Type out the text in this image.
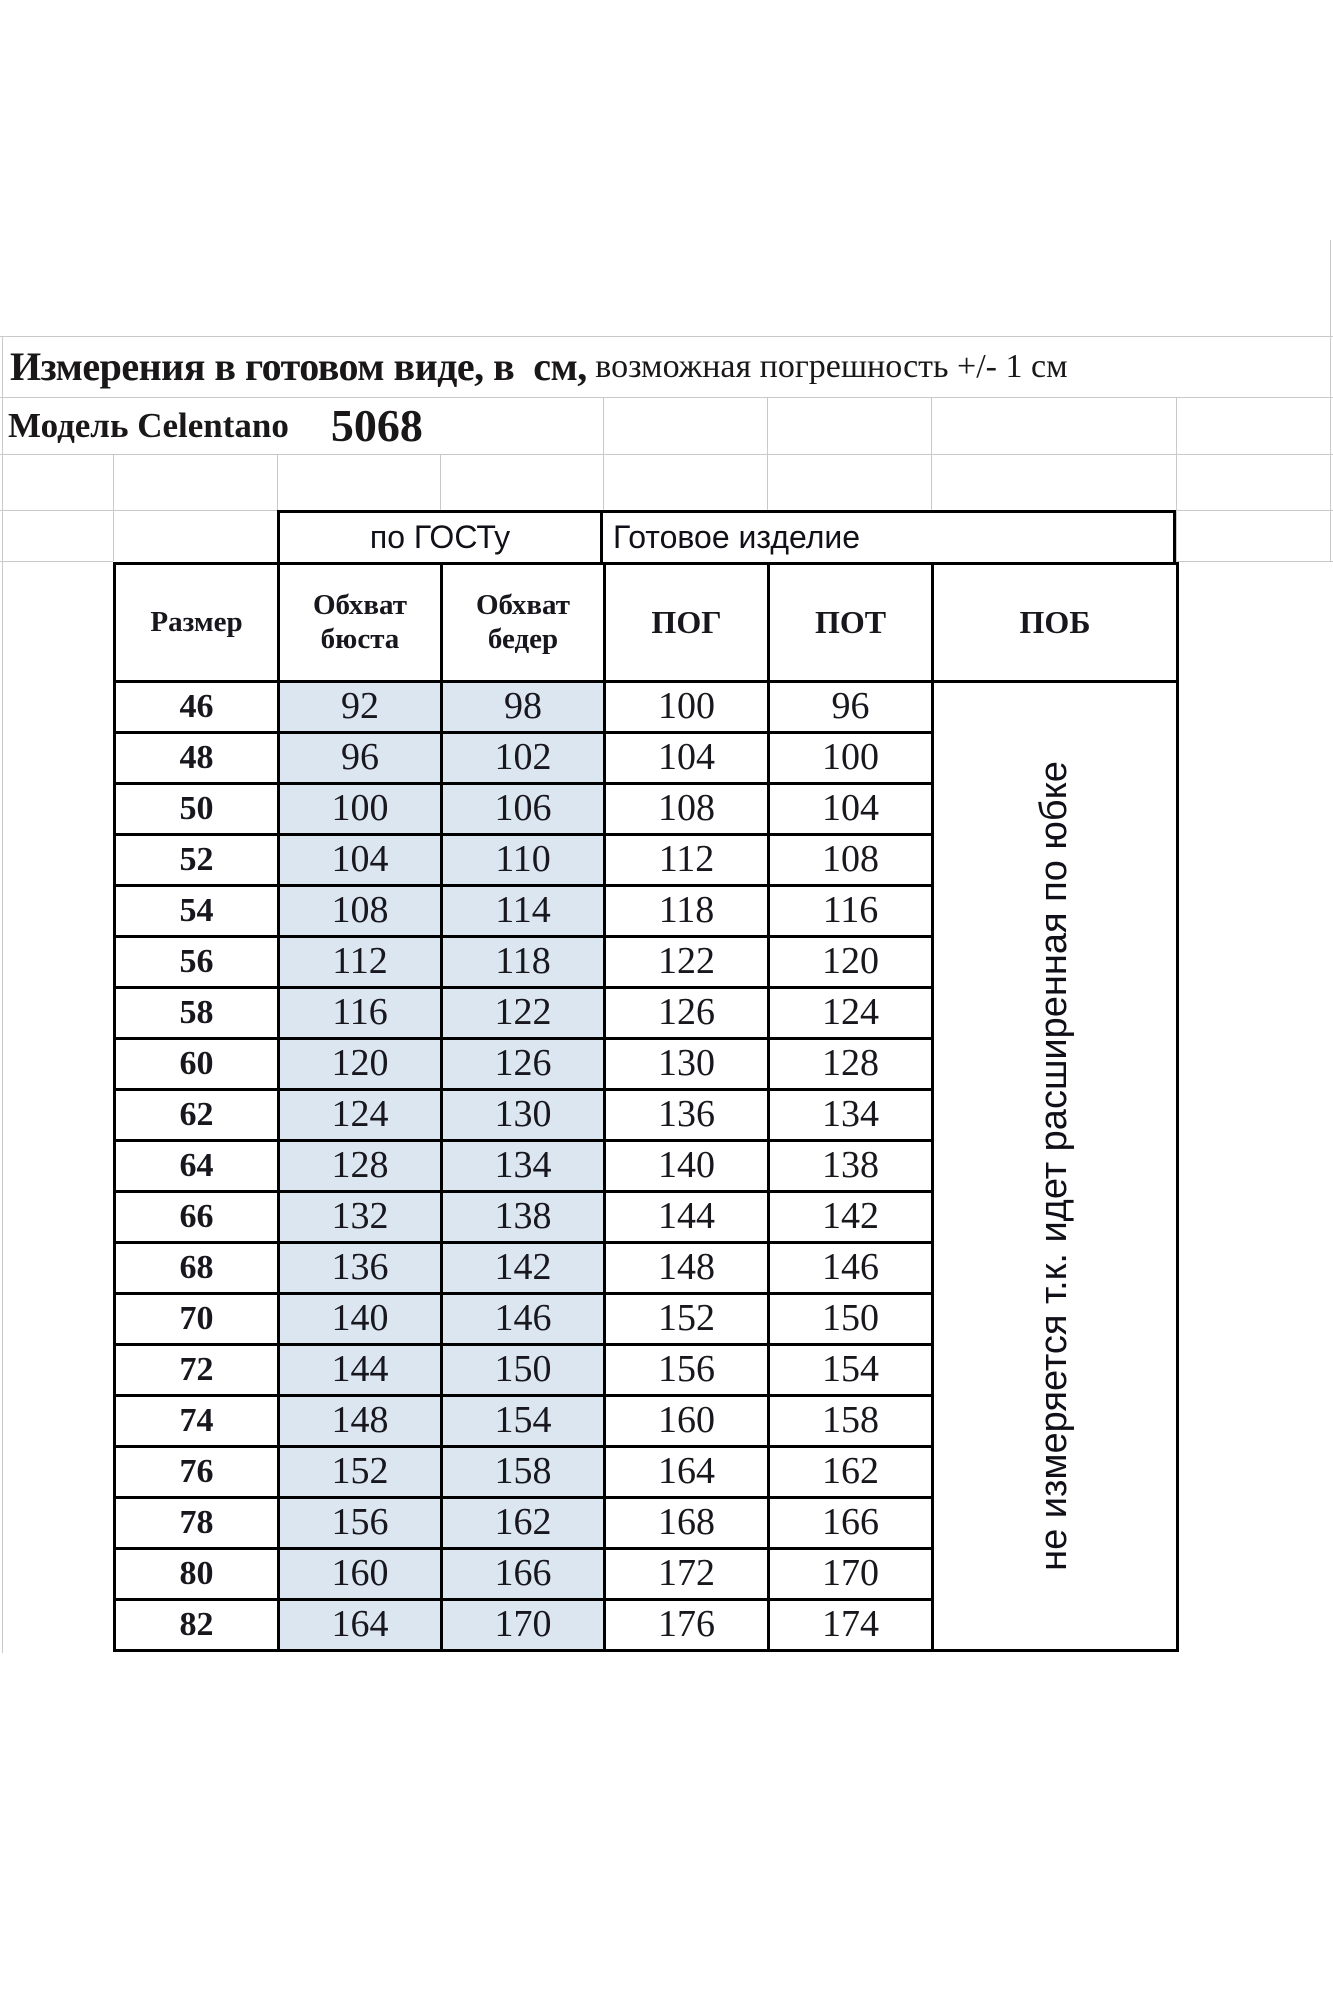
Измерения в готовом виде, в  см, возможная погрешность +/- 1 см
Модель Celentano 5068
по ГОСТу	Готовое изделие
Размер	Обхват бюста	Обхват бедер	ПОГ	ПОТ	ПОБ
46	92	98	100	96	не измеряется т.к. идет расширенная по юбке

48	96	102	104	100	
50	100	106	108	104	
52	104	110	112	108	
54	108	114	118	116	
56	112	118	122	120	
58	116	122	126	124	
60	120	126	130	128	
62	124	130	136	134	
64	128	134	140	138	
66	132	138	144	142	
68	136	142	148	146	
70	140	146	152	150	
72	144	150	156	154	
74	148	154	160	158	
76	152	158	164	162	
78	156	162	168	166	
80	160	166	172	170	
82	164	170	176	174	
